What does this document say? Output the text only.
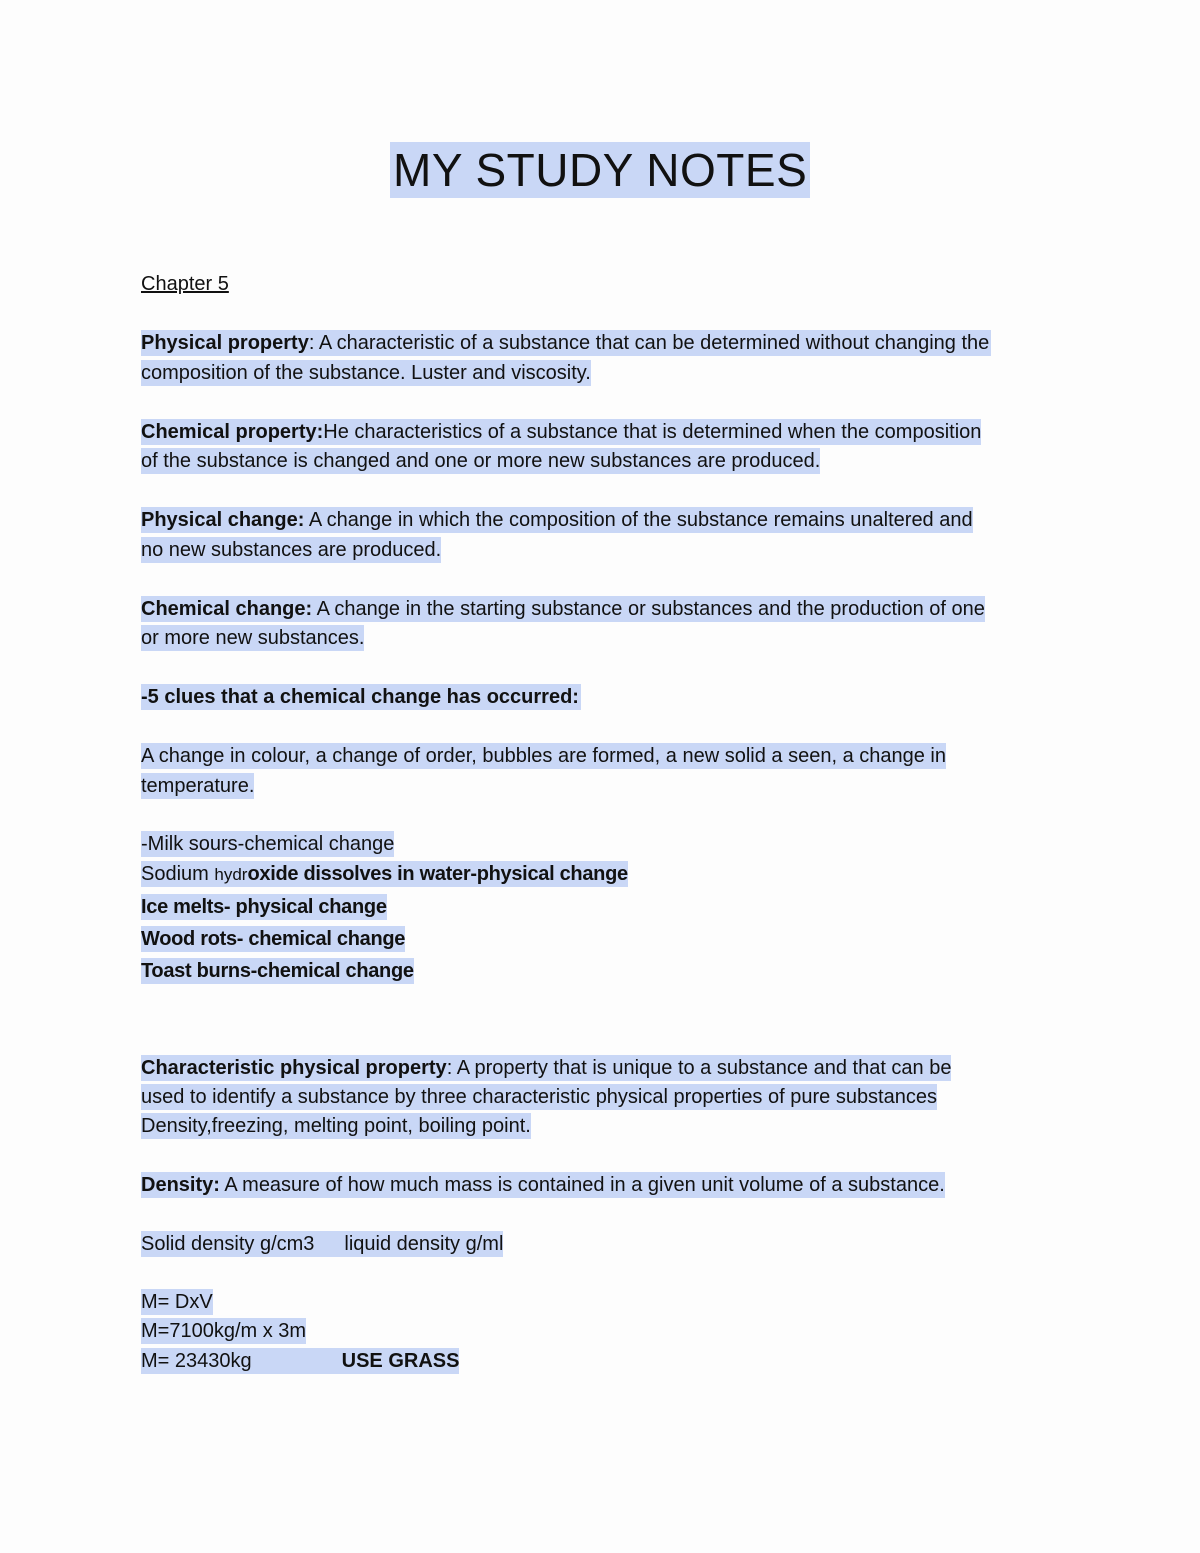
MY STUDY NOTES
Chapter 5
Physical property: A characteristic of a substance that can be determined without changing the
composition of the substance. Luster and viscosity.
Chemical property:He characteristics of a substance that is determined when the composition
of the substance is changed and one or more new substances are produced.
Physical change: A change in which the composition of the substance remains unaltered and
no new substances are produced.
Chemical change: A change in the starting substance or substances and the production of one
or more new substances.
-5 clues that a chemical change has occurred:
A change in colour, a change of order, bubbles are formed, a new solid a seen, a change in
temperature.
-Milk sours-chemical change
Sodium hydroxide dissolves in water-physical change
Ice melts- physical change
Wood rots- chemical change
Toast burns-chemical change
Characteristic physical property: A property that is unique to a substance and that can be
used to identify a substance by three characteristic physical properties of pure substances
Density,freezing, melting point, boiling point.
Density: A measure of how much mass is contained in a given unit volume of a substance.
Solid density g/cm3 liquid density g/ml
M= DxV
M=7100kg/m x 3m
M= 23430kg	USE GRASS
